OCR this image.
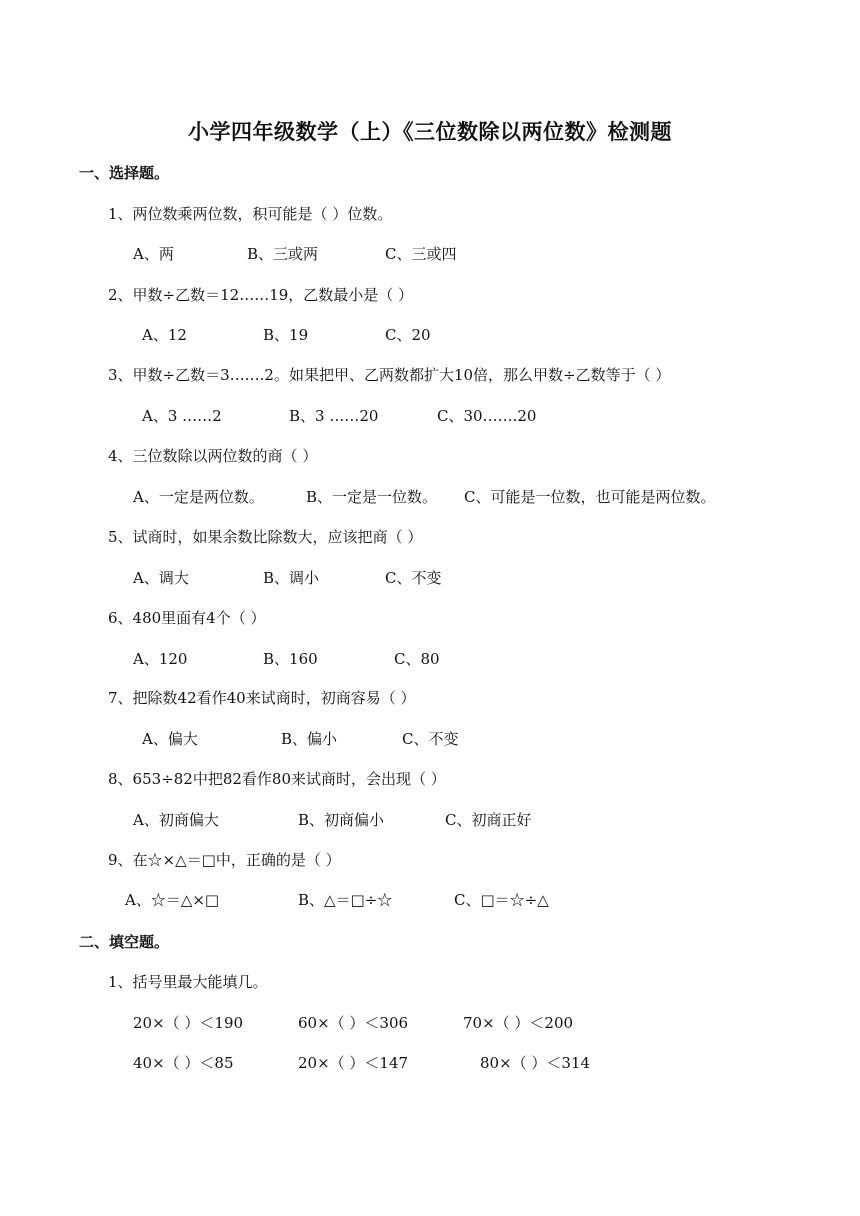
小学四年级数学（上）《三位数除以两位数》检测题
一、选择题。
1、两位数乘两位数，积可能是（ ）位数。
A、两	B、三或两	C、三或四
2、甲数÷乙数＝12……19，乙数最小是（ ）
A、12	B、19	C、20
3、甲数÷乙数＝3…….2。如果把甲、乙两数都扩大10倍，那么甲数÷乙数等于（ ）
A、3 ……2	B、3 ……20	C、30…….20
4、三位数除以两位数的商（ ）
A、一定是两位数。	B、一定是一位数。 C、可能是一位数，也可能是两位数。
5、试商时，如果余数比除数大，应该把商（ ）
A、调大	B、调小	C、不变
6、480里面有4个（ ）
A、120	B、160	C、80
7、把除数42看作40来试商时，初商容易（ ）
A、偏大	B、偏小	C、不变
8、653÷82中把82看作80来试商时，会出现（ ）
A、初商偏大	B、初商偏小	C、初商正好
9、在☆×△＝□中，正确的是（ ）
A、☆＝△×□	B、△＝□÷☆	C、□＝☆÷△
二、填空题。
1、括号里最大能填几。
20×（ ）＜190	60×（ ）＜306	70×（ ）＜200
40×（ ）＜85	20×（ ）＜147	80×（ ）＜314
